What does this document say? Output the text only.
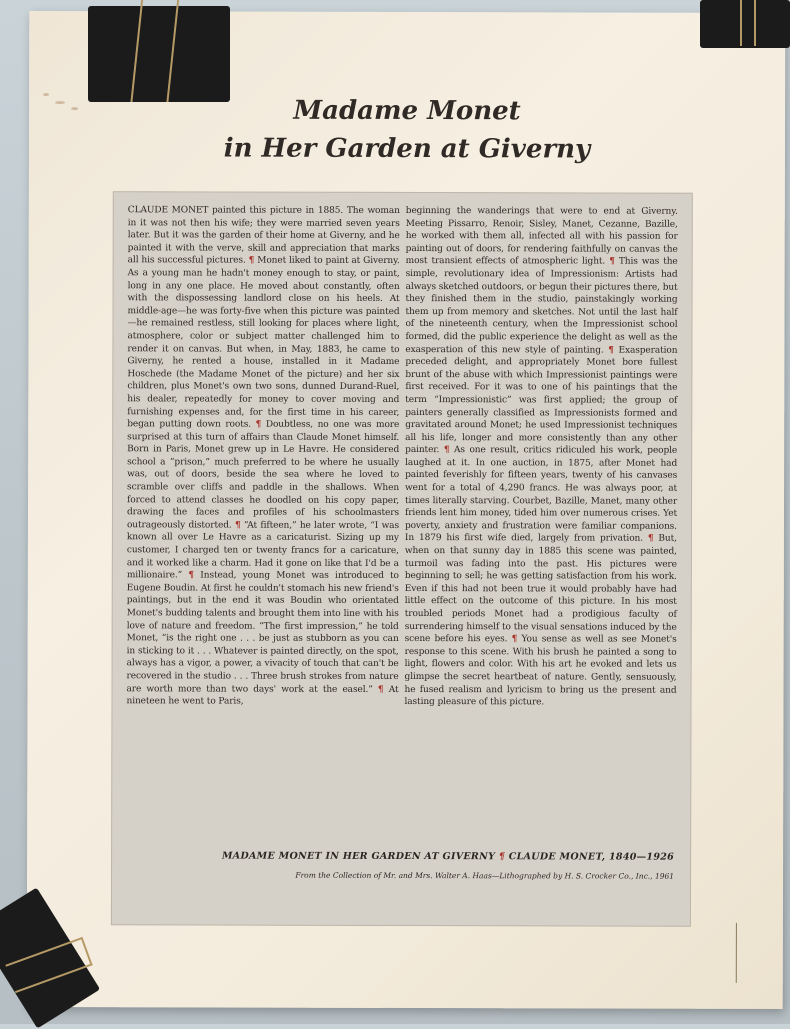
Madame Monet
in Her Garden at Giverny
CLAUDE MONET painted this picture in 1885. The woman in it was not then his wife; they were married seven years later. But it was the garden of their home at Giverny, and he painted it with the verve, skill and appreciation that marks all his successful pictures. ¶ Monet liked to paint at Giverny. As a young man he hadn't money enough to stay, or paint, long in any one place. He moved about constantly, often with the dispossessing landlord close on his heels. At middle-age—he was forty-five when this picture was painted—he remained restless, still looking for places where light, atmosphere, color or subject matter challenged him to render it on canvas. But when, in May, 1883, he came to Giverny, he rented a house, installed in it Madame Hoschede (the Madame Monet of the picture) and her six children, plus Monet's own two sons, dunned Durand-Ruel, his dealer, repeatedly for money to cover moving and furnishing expenses and, for the first time in his career, began putting down roots. ¶ Doubtless, no one was more surprised at this turn of affairs than Claude Monet himself. Born in Paris, Monet grew up in Le Havre. He considered school a “prison,” much preferred to be where he usually was, out of doors, beside the sea where he loved to scramble over cliffs and paddle in the shallows. When forced to attend classes he doodled on his copy paper, drawing the faces and profiles of his schoolmasters outrageously distorted. ¶ “At fifteen,” he later wrote, “I was known all over Le Havre as a caricaturist. Sizing up my customer, I charged ten or twenty francs for a caricature, and it worked like a charm. Had it gone on like that I'd be a millionaire.” ¶ Instead, young Monet was introduced to Eugene Boudin. At first he couldn't stomach his new friend's paintings, but in the end it was Boudin who orientated Monet's budding talents and brought them into line with his love of nature and freedom. “The first impression,” he told Monet, “is the right one . . . be just as stubborn as you can in sticking to it . . . Whatever is painted directly, on the spot, always has a vigor, a power, a vivacity of touch that can't be recovered in the studio . . . Three brush strokes from nature are worth more than two days' work at the easel.” ¶ At nineteen he went to Paris,
beginning the wanderings that were to end at Giverny. Meeting Pissarro, Renoir, Sisley, Manet, Cezanne, Bazille, he worked with them all, infected all with his passion for painting out of doors, for rendering faithfully on canvas the most transient effects of atmospheric light. ¶ This was the simple, revolutionary idea of Impressionism: Artists had always sketched outdoors, or begun their pictures there, but they finished them in the studio, painstakingly working them up from memory and sketches. Not until the last half of the nineteenth century, when the Impressionist school formed, did the public experience the delight as well as the exasperation of this new style of painting. ¶ Exasperation preceded delight, and appropriately Monet bore fullest brunt of the abuse with which Impressionist paintings were first received. For it was to one of his paintings that the term “Impressionistic” was first applied; the group of painters generally classified as Impressionists formed and gravitated around Monet; he used Impressionist techniques all his life, longer and more consistently than any other painter. ¶ As one result, critics ridiculed his work, people laughed at it. In one auction, in 1875, after Monet had painted feverishly for fifteen years, twenty of his canvases went for a total of 4,290 francs. He was always poor, at times literally starving. Courbet, Bazille, Manet, many other friends lent him money, tided him over numerous crises. Yet poverty, anxiety and frustration were familiar companions. In 1879 his first wife died, largely from privation. ¶ But, when on that sunny day in 1885 this scene was painted, turmoil was fading into the past. His pictures were beginning to sell; he was getting satisfaction from his work. Even if this had not been true it would probably have had little effect on the outcome of this picture. In his most troubled periods Monet had a prodigious faculty of surrendering himself to the visual sensations induced by the scene before his eyes. ¶ You sense as well as see Monet's response to this scene. With his brush he painted a song to light, flowers and color. With his art he evoked and lets us glimpse the secret heartbeat of nature. Gently, sensuously, he fused realism and lyricism to bring us the present and lasting pleasure of this picture.
MADAME MONET IN HER GARDEN AT GIVERNY ¶ CLAUDE MONET, 1840—1926
From the Collection of Mr. and Mrs. Walter A. Haas—Lithographed by H. S. Crocker Co., Inc., 1961
